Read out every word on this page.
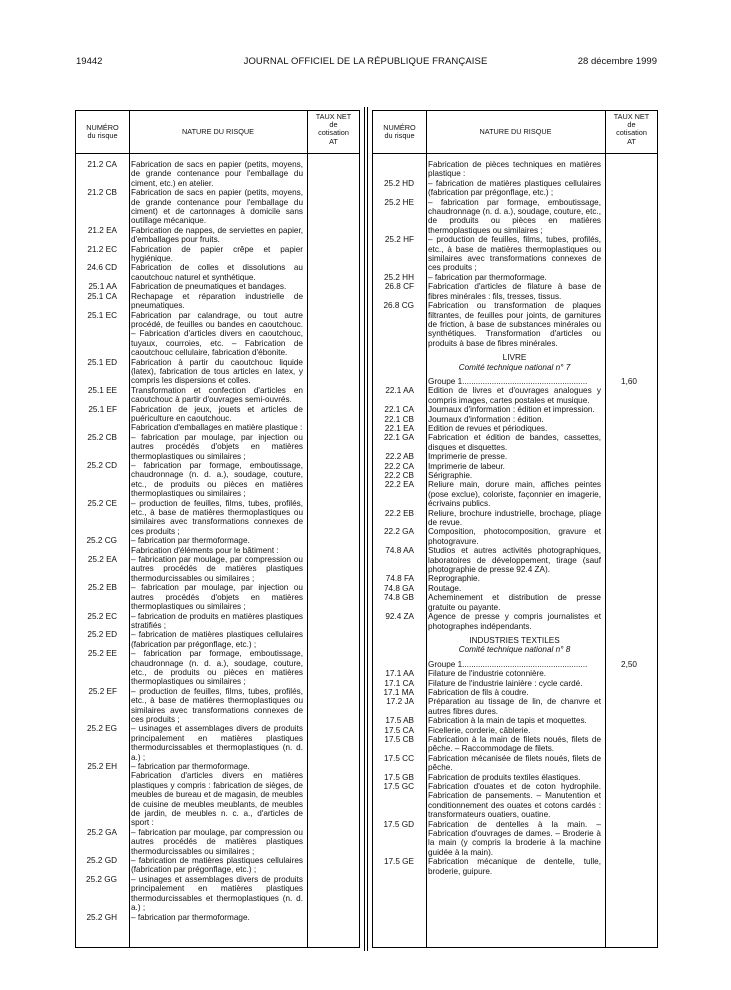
19442	JOURNAL OFFICIEL DE LA RÉPUBLIQUE FRANÇAISE	28 décembre 1999
NUMÉRO
du risque	NATURE DU RISQUE
TAUX NET
de
cotisation
AT
NUMÉRO
du risque	NATURE DU RISQUE
TAUX NET
de
cotisation
AT
21.2 CA Fabrication de sacs en papier (petits, moyens, de grande contenance pour l'emballage du ciment, etc.) en atelier.
21.2 CB Fabrication de sacs en papier (petits, moyens, de grande contenance pour l'emballage du ciment) et de cartonnages à domicile sans outillage mécanique.
21.2 EA Fabrication de nappes, de serviettes en papier, d'emballages pour fruits.
21.2 EC Fabrication de papier crêpe et papier hygiénique.
24.6 CD Fabrication de colles et dissolutions au caoutchouc naturel et synthétique.
25.1 AA Fabrication de pneumatiques et bandages.
25.1 CA Rechapage et réparation industrielle de pneumatiques.
25.1 EC Fabrication par calandrage, ou tout autre procédé, de feuilles ou bandes en caoutchouc. – Fabrication d'articles divers en caoutchouc, tuyaux, courroies, etc. – Fabrication de caoutchouc cellulaire, fabrication d'ébonite.
25.1 ED Fabrication à partir du caoutchouc liquide (latex), fabrication de tous articles en latex, y compris les dispersions et colles.
25.1 EE Transformation et confection d'articles en caoutchouc à partir d'ouvrages semi-ouvrés.
25.1 EF Fabrication de jeux, jouets et articles de puériculture en caoutchouc.
Fabrication d'emballages en matière plastique :
25.2 CB – fabrication par moulage, par injection ou autres procédés d'objets en matières thermoplastiques ou similaires ;
25.2 CD – fabrication par formage, emboutissage, chaudronnage (n. d. a.), soudage, couture, etc., de produits ou pièces en matières thermoplastiques ou similaires ;
25.2 CE – production de feuilles, films, tubes, profilés, etc., à base de matières thermoplastiques ou similaires avec transformations connexes de ces produits ;
25.2 CG – fabrication par thermoformage.
Fabrication d'éléments pour le bâtiment :
25.2 EA – fabrication par moulage, par compression ou autres procédés de matières plastiques thermodurcissables ou similaires ;
25.2 EB – fabrication par moulage, par injection ou autres procédés d'objets en matières thermoplastiques ou similaires ;
25.2 EC – fabrication de produits en matières plastiques stratifiés ;
25.2 ED – fabrication de matières plastiques cellulaires (fabrication par prégonflage, etc.) ;
25.2 EE – fabrication par formage, emboutissage, chaudronnage (n. d. a.), soudage, couture, etc., de produits ou pièces en matières thermoplastiques ou similaires ;
25.2 EF – production de feuilles, films, tubes, profilés, etc., à base de matières thermoplastiques ou similaires avec transformations connexes de ces produits ;
25.2 EG – usinages et assemblages divers de produits principalement en matières plastiques thermodurcissables et thermoplastiques (n. d. a.) ;
25.2 EH – fabrication par thermoformage.
Fabrication d'articles divers en matières plastiques y compris : fabrication de sièges, de meubles de bureau et de magasin, de meubles de cuisine de meubles meublants, de meubles de jardin, de meubles n. c. a., d'articles de sport :
25.2 GA – fabrication par moulage, par compression ou autres procédés de matières plastiques thermodurcissables ou similaires ;
25.2 GD – fabrication de matières plastiques cellulaires (fabrication par prégonflage, etc.) ;
25.2 GG – usinages et assemblages divers de produits principalement en matières plastiques thermodurcissables et thermoplastiques (n. d. a.) ;
25.2 GH – fabrication par thermoformage.
Fabrication de pièces techniques en matières plastique :
25.2 HD – fabrication de matières plastiques cellulaires (fabrication par prégonflage, etc.) ;
25.2 HE – fabrication par formage, emboutissage, chaudronnage (n. d. a.), soudage, couture, etc., de produits ou pièces en matières thermoplastiques ou similaires ;
25.2 HF – production de feuilles, films, tubes, profilés, etc., à base de matières thermoplastiques ou similaires avec transformations connexes de ces produits ;
25.2 HH – fabrication par thermoformage.
26.8 CF Fabrication d'articles de filature à base de fibres minérales : fils, tresses, tissus.
26.8 CG Fabrication ou transformation de plaques filtrantes, de feuilles pour joints, de garnitures de friction, à base de substances minérales ou synthétiques. Transformation d'articles ou produits à base de fibres minérales.
LIVRE
Comité technique national n° 7
Groupe 1.......................................................	1,60
22.1 AA Edition de livres et d'ouvrages analogues y compris images, cartes postales et musique.
22.1 CA Journaux d'information : édition et impression.
22.1 CB Journaux d'information : édition.
22.1 EA Edition de revues et périodiques.
22.1 GA Fabrication et édition de bandes, cassettes, disques et disquettes.
22.2 AB Imprimerie de presse.
22.2 CA Imprimerie de labeur.
22.2 CB Sérigraphie.
22.2 EA Reliure main, dorure main, affiches peintes (pose exclue), coloriste, façonnier en imagerie, écrivains publics.
22.2 EB Reliure, brochure industrielle, brochage, pliage de revue.
22.2 GA Composition, photocomposition, gravure et photogravure.
74.8 AA Studios et autres activités photographiques, laboratoires de développement, tirage (sauf photographie de presse 92.4 ZA).
74.8 FA Reprographie.
74.8 GA Routage.
74.8 GB Acheminement et distribution de presse gratuite ou payante.
92.4 ZA Agence de presse y compris journalistes et photographes indépendants.
INDUSTRIES TEXTILES
Comité technique national n° 8
Groupe 1.......................................................	2,50
17.1 AA Filature de l'industrie cotonnière.
17.1 CA Filature de l'industrie lainière : cycle cardé.
17.1 MA Fabrication de fils à coudre.
17.2 JA Préparation au tissage de lin, de chanvre et autres fibres dures.
17.5 AB Fabrication à la main de tapis et moquettes.
17.5 CA Ficellerie, corderie, câblerie.
17.5 CB Fabrication à la main de filets noués, filets de pêche. – Raccommodage de filets.
17.5 CC Fabrication mécanisée de filets noués, filets de pêche.
17.5 GB Fabrication de produits textiles élastiques.
17.5 GC Fabrication d'ouates et de coton hydrophile. Fabrication de pansements. – Manutention et conditionnement des ouates et cotons cardés : transformateurs ouatiers, ouatine.
17.5 GD Fabrication de dentelles à la main. – Fabrication d'ouvrages de dames. – Broderie à la main (y compris la broderie à la machine guidée à la main).
17.5 GE Fabrication mécanique de dentelle, tulle, broderie, guipure.
